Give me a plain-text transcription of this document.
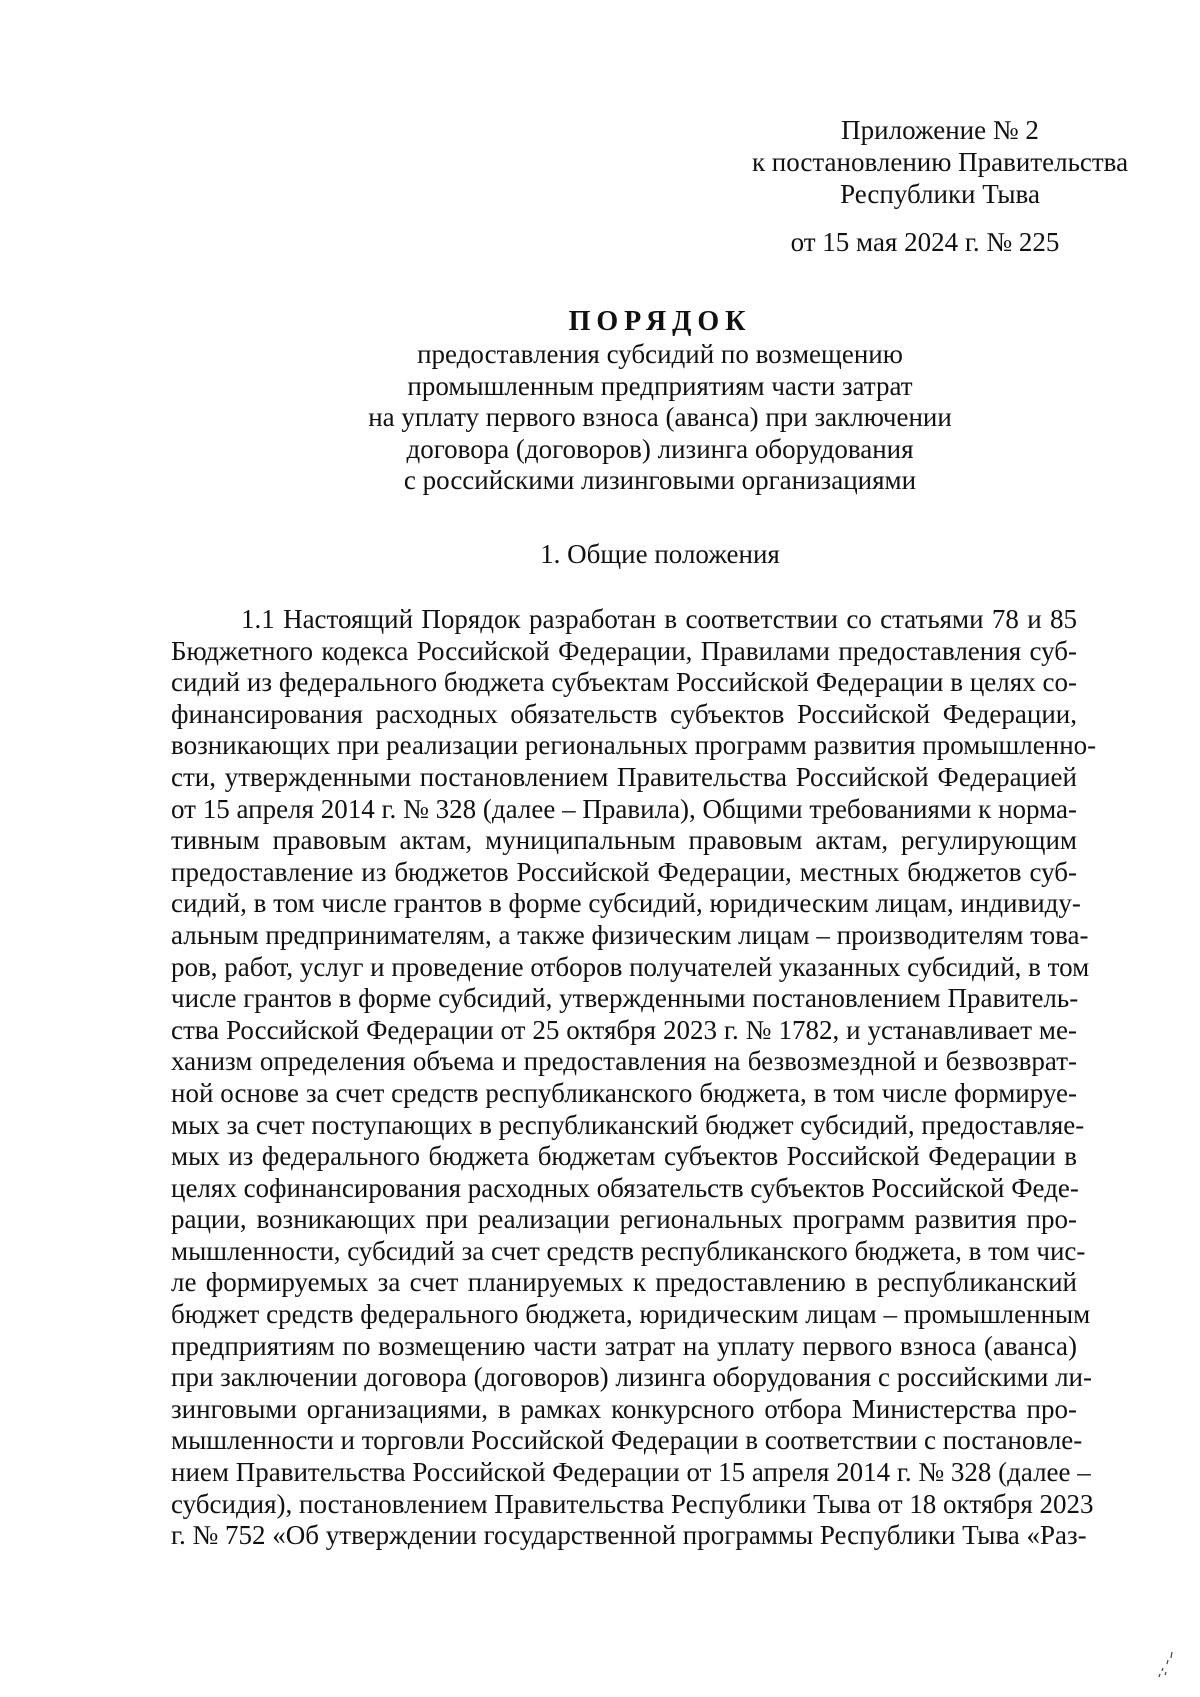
Приложение № 2
к постановлению Правительства
Республики Тыва
от 15 мая 2024 г. № 225
ПОРЯДОК
предоставления субсидий по возмещению
промышленным предприятиям части затрат
на уплату первого взноса (аванса) при заключении
договора (договоров) лизинга оборудования
с российскими лизинговыми организациями
1. Общие положения
1.1 Настоящий Порядок разработан в соответствии со статьями 78 и 85
Бюджетного кодекса Российской Федерации, Правилами предоставления суб-
сидий из федерального бюджета субъектам Российской Федерации в целях со-
финансирования расходных обязательств субъектов Российской Федерации,
возникающих при реализации региональных программ развития промышленно-
сти, утвержденными постановлением Правительства Российской Федерацией
от 15 апреля 2014 г. № 328 (далее – Правила), Общими требованиями к норма-
тивным правовым актам, муниципальным правовым актам, регулирующим
предоставление из бюджетов Российской Федерации, местных бюджетов суб-
сидий, в том числе грантов в форме субсидий, юридическим лицам, индивиду-
альным предпринимателям, а также физическим лицам – производителям това-
ров, работ, услуг и проведение отборов получателей указанных субсидий, в том
числе грантов в форме субсидий, утвержденными постановлением Правитель-
ства Российской Федерации от 25 октября 2023 г. № 1782, и устанавливает ме-
ханизм определения объема и предоставления на безвозмездной и безвозврат-
ной основе за счет средств республиканского бюджета, в том числе формируе-
мых за счет поступающих в республиканский бюджет субсидий, предоставляе-
мых из федерального бюджета бюджетам субъектов Российской Федерации в
целях софинансирования расходных обязательств субъектов Российской Феде-
рации, возникающих при реализации региональных программ развития про-
мышленности, субсидий за счет средств республиканского бюджета, в том чис-
ле формируемых за счет планируемых к предоставлению в республиканский
бюджет средств федерального бюджета, юридическим лицам – промышленным
предприятиям по возмещению части затрат на уплату первого взноса (аванса)
при заключении договора (договоров) лизинга оборудования с российскими ли-
зинговыми организациями, в рамках конкурсного отбора Министерства про-
мышленности и торговли Российской Федерации в соответствии с постановле-
нием Правительства Российской Федерации от 15 апреля 2014 г. № 328 (далее –
субсидия), постановлением Правительства Республики Тыва от 18 октября 2023
г. № 752 «Об утверждении государственной программы Республики Тыва «Раз-
